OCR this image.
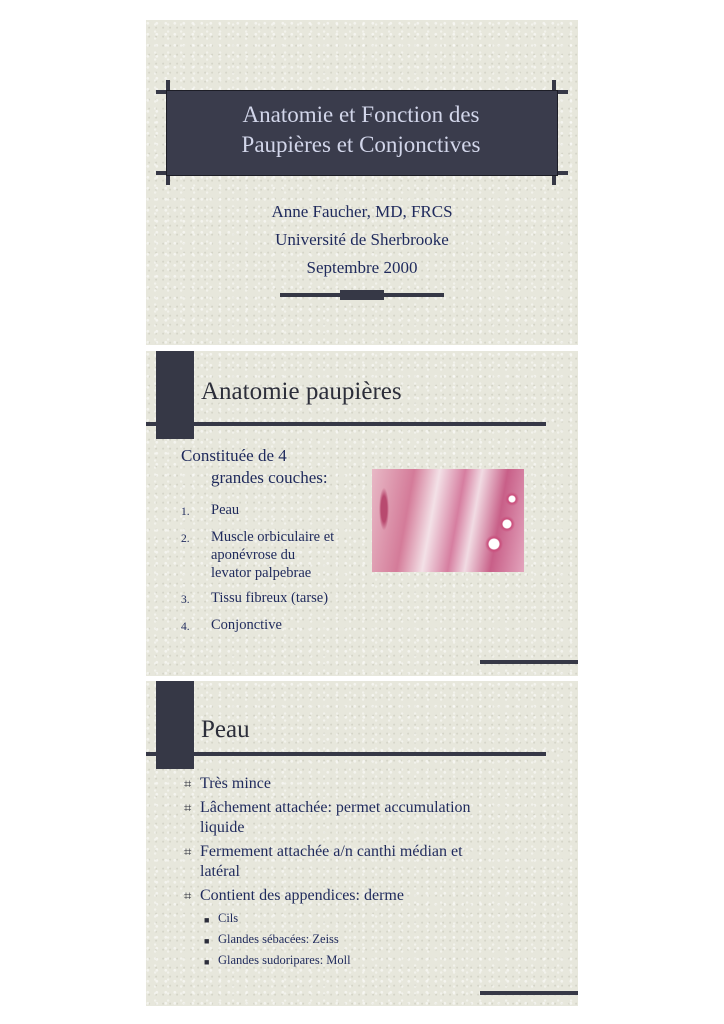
Anatomie et Fonction des
Paupières et Conjonctives
Anne Faucher, MD, FRCS
Université de Sherbrooke
Septembre 2000
Anatomie paupières
Constituée de 4
grandes couches:
1.	Peau
2.	Muscle orbiculaire et
aponévrose du
levator palpebrae
3.	Tissu fibreux (tarse)
4.	Conjonctive
Peau
⌗ Très mince
⌗ Lâchement attachée: permet accumulation
liquide
⌗ Fermement attachée a/n canthi médian et
latéral
⌗ Contient des appendices: derme
■ Cils
■ Glandes sébacées: Zeiss
■ Glandes sudoripares: Moll
